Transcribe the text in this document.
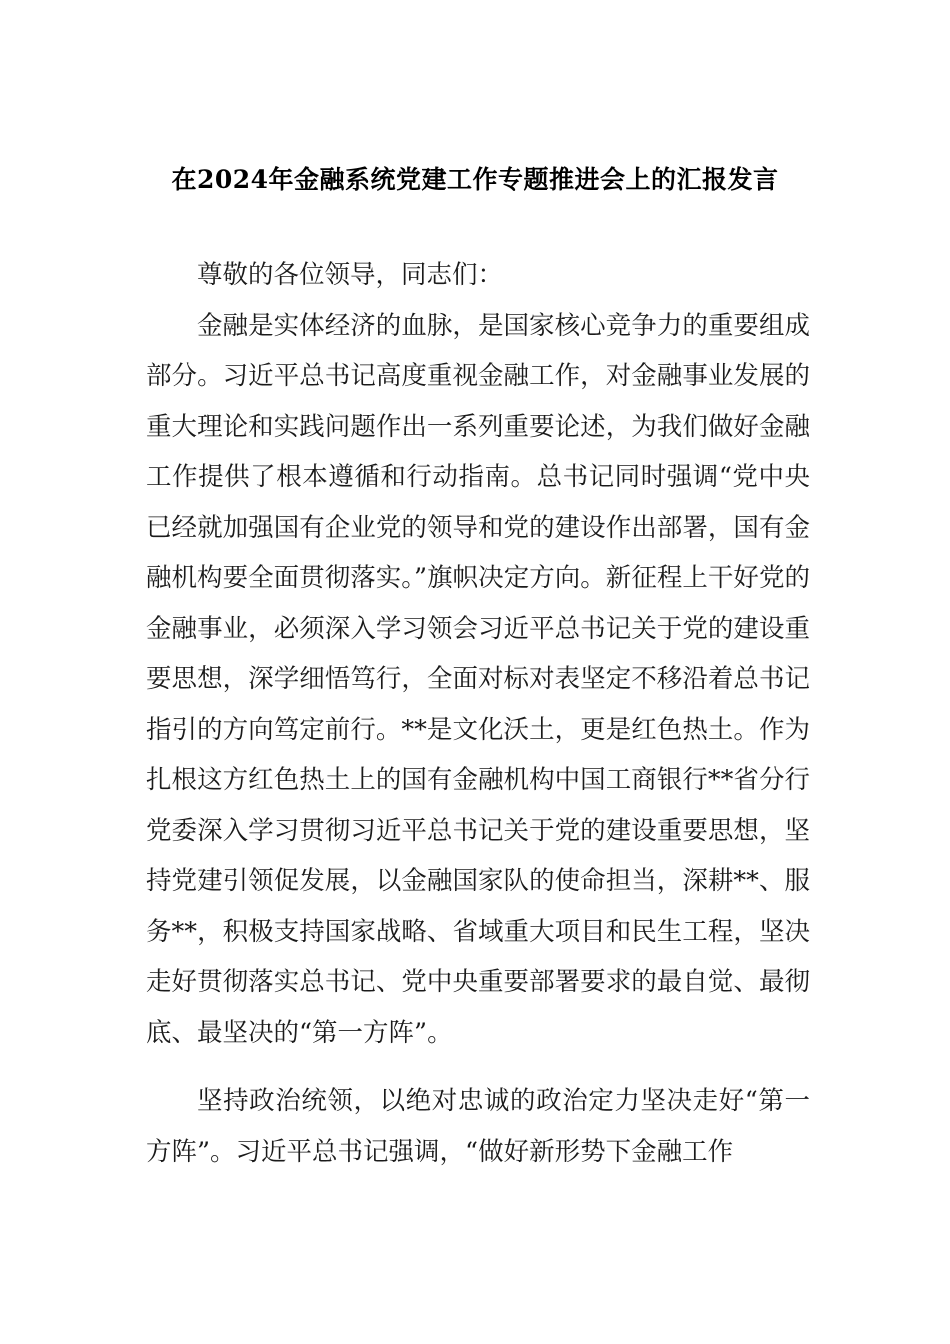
在2024年金融系统党建工作专题推进会上的汇报发言

尊敬的各位领导，同志们：

金融是实体经济的血脉，是国家核心竞争力的重要组成部分。习近平总书记高度重视金融工作，对金融事业发展的重大理论和实践问题作出一系列重要论述，为我们做好金融工作提供了根本遵循和行动指南。总书记同时强调“党中央已经就加强国有企业党的领导和党的建设作出部署，国有金融机构要全面贯彻落实。”旗帜决定方向。新征程上干好党的金融事业，必须深入学习领会习近平总书记关于党的建设重要思想，深学细悟笃行，全面对标对表坚定不移沿着总书记指引的方向笃定前行。**是文化沃土，更是红色热土。作为扎根这方红色热土上的国有金融机构中国工商银行**省分行党委深入学习贯彻习近平总书记关于党的建设重要思想，坚持党建引领促发展，以金融国家队的使命担当，深耕**、服务**，积极支持国家战略、省域重大项目和民生工程，坚决走好贯彻落实总书记、党中央重要部署要求的最自觉、最彻底、最坚决的“第一方阵”。

坚持政治统领，以绝对忠诚的政治定力坚决走好“第一方阵”。习近平总书记强调，“做好新形势下金融工作
